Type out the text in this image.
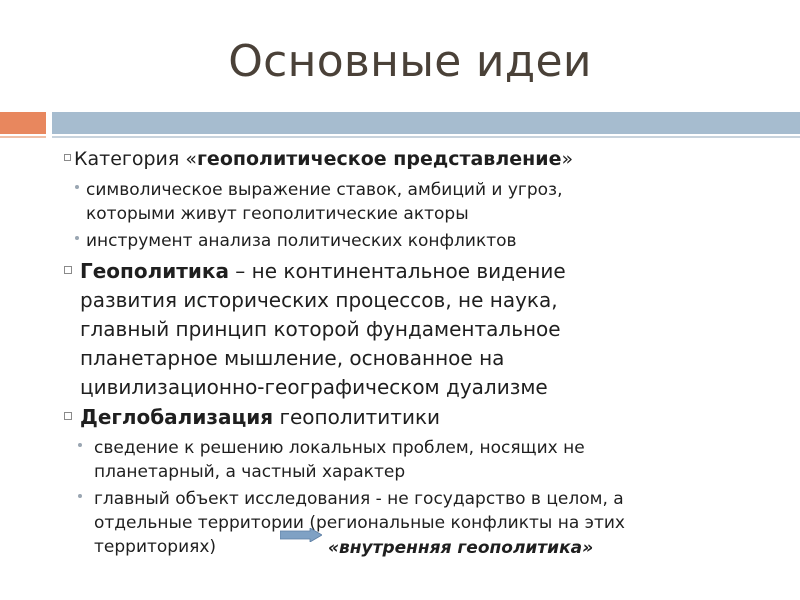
Основные идеи
Категория «геополитическое представление»
символическое выражение ставок, амбиций и угроз,
которыми живут геополитические акторы
инструмент анализа политических конфликтов
Геополитика – не континентальное видение
развития исторических процессов, не наука,
главный принцип которой фундаментальное
планетарное мышление, основанное на
цивилизационно-географическом дуализме
Деглобализация геополититики
сведение к решению локальных проблем, носящих не
планетарный, а частный характер
главный объект исследования - не государство в целом, а
отдельные территории (региональные конфликты на этих
территориях)	«внутренняя геополитика»
